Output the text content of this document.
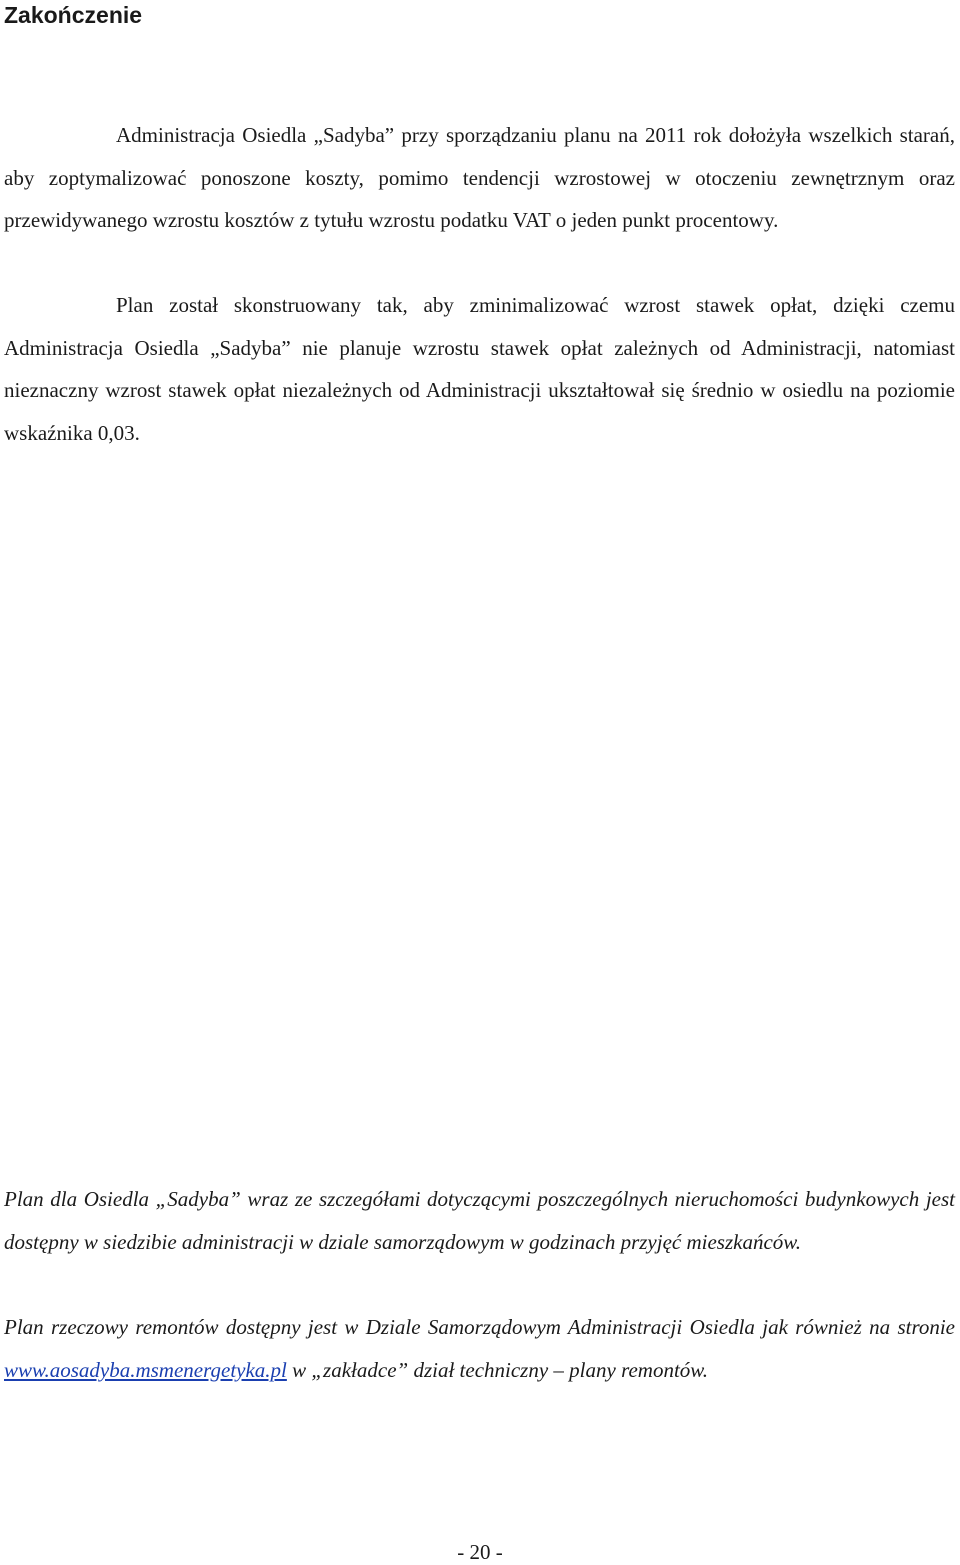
Zakończenie

Administracja Osiedla „Sadyba” przy sporządzaniu planu na 2011 rok dołożyła wszelkich starań, aby zoptymalizować ponoszone koszty, pomimo tendencji wzrostowej w otoczeniu zewnętrznym oraz przewidywanego wzrostu kosztów z tytułu wzrostu podatku VAT o jeden punkt procentowy.

Plan został skonstruowany tak, aby zminimalizować wzrost stawek opłat, dzięki czemu Administracja Osiedla „Sadyba” nie planuje wzrostu stawek opłat zależnych od Administracji, natomiast nieznaczny wzrost stawek opłat niezależnych od Administracji ukształtował się średnio w osiedlu na poziomie wskaźnika 0,03.

Plan dla Osiedla „Sadyba” wraz ze szczegółami dotyczącymi poszczególnych nieruchomości budynkowych jest dostępny w siedzibie administracji w dziale samorządowym w godzinach przyjęć mieszkańców.

Plan rzeczowy remontów dostępny jest w Dziale Samorządowym Administracji Osiedla jak również na stronie www.aosadyba.msmenergetyka.pl w „zakładce” dział techniczny – plany remontów.

- 20 -
